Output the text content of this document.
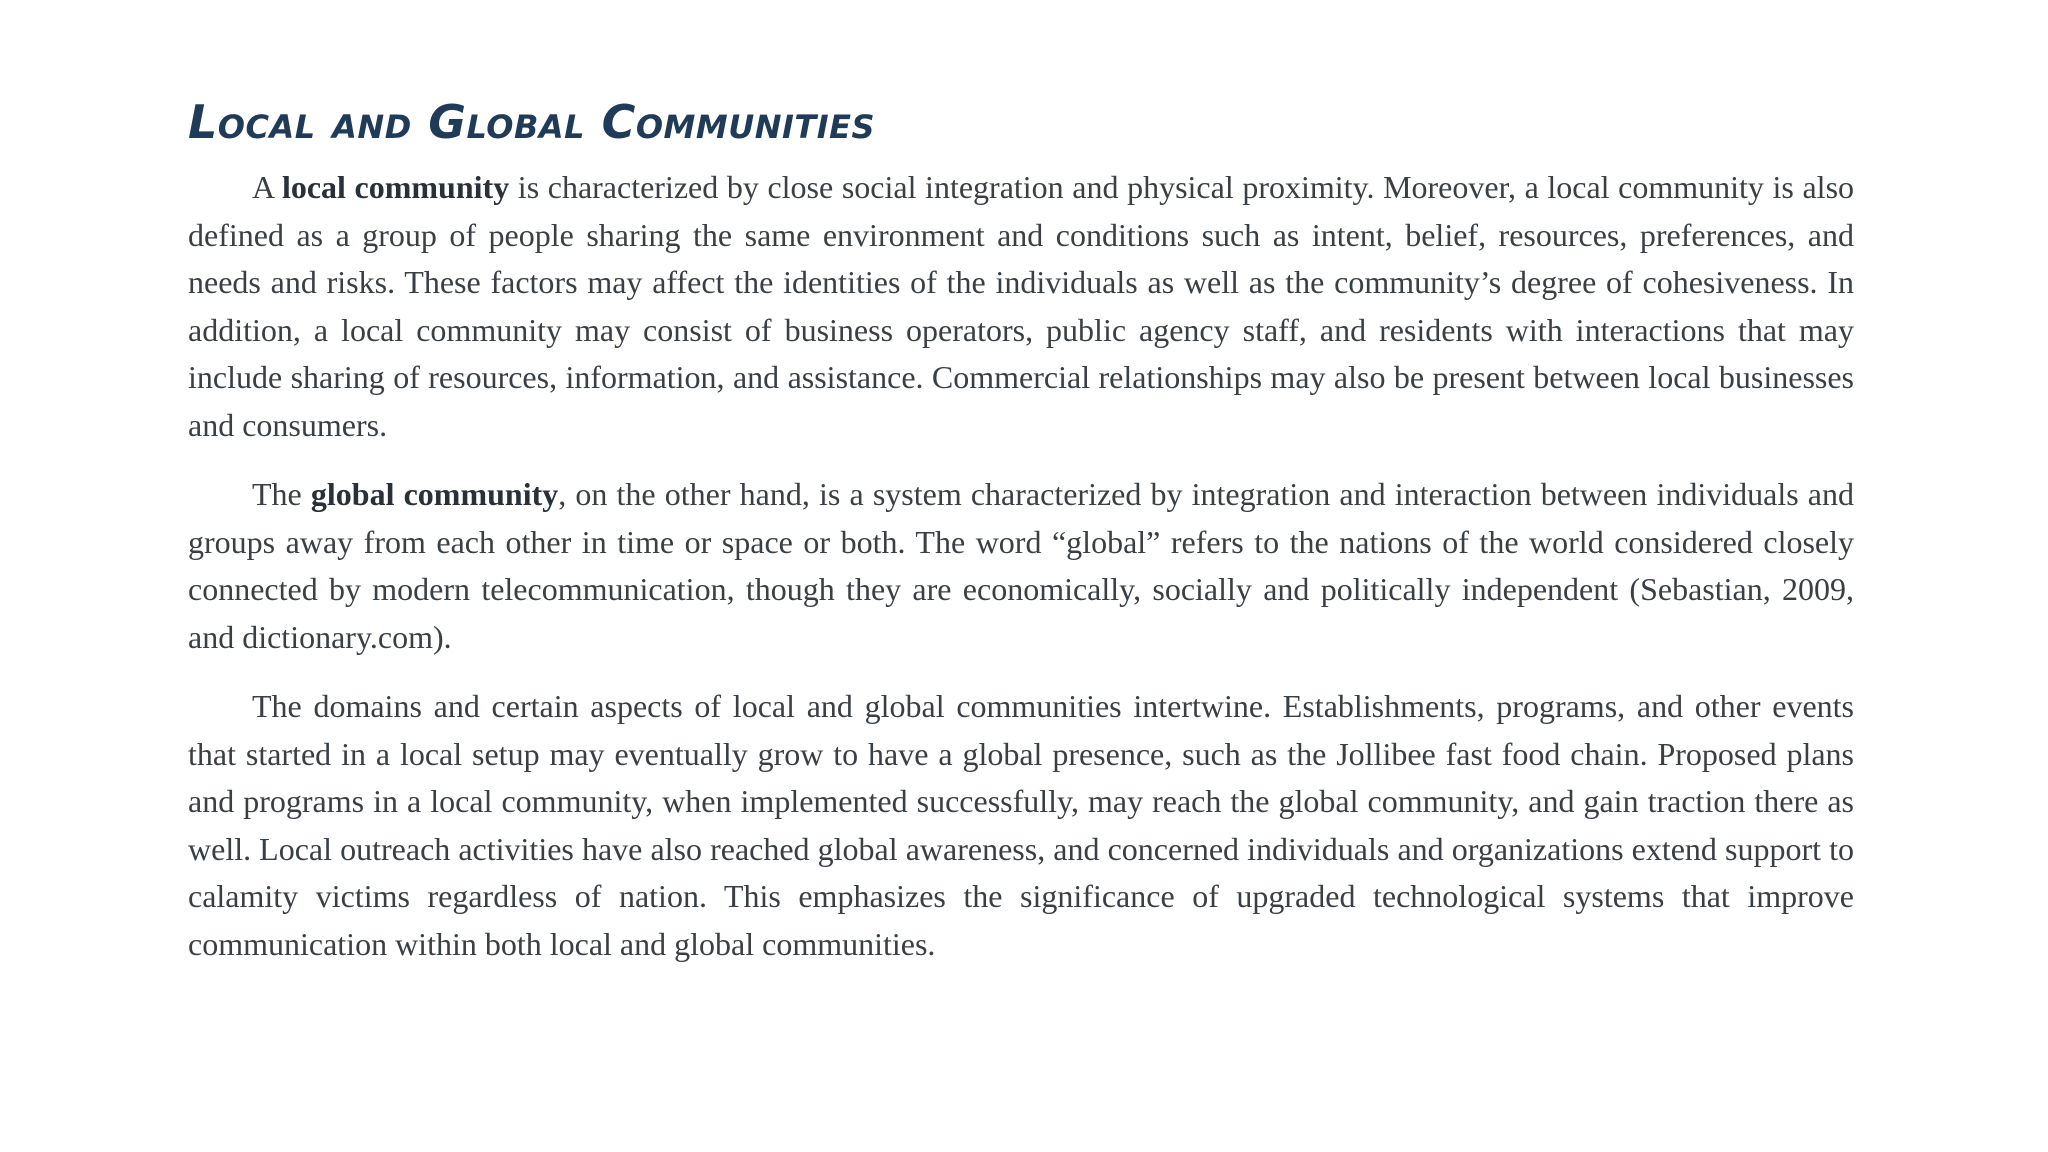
Local and Global Communities

A local community is characterized by close social integration and physical proximity. Moreover, a local community is also defined as a group of people sharing the same environment and conditions such as intent, belief, resources, preferences, and needs and risks. These factors may affect the identities of the individuals as well as the community’s degree of cohesiveness. In addition, a local community may consist of business operators, public agency staff, and residents with interactions that may include sharing of resources, information, and assistance. Commercial relationships may also be present between local businesses and consumers.

The global community, on the other hand, is a system characterized by integration and interaction between individuals and groups away from each other in time or space or both. The word “global” refers to the nations of the world considered closely connected by modern telecommunication, though they are economically, socially and politically independent (Sebastian, 2009, and dictionary.com).

The domains and certain aspects of local and global communities intertwine. Establishments, programs, and other events that started in a local setup may eventually grow to have a global presence, such as the Jollibee fast food chain. Proposed plans and programs in a local community, when implemented successfully, may reach the global community, and gain traction there as well. Local outreach activities have also reached global awareness, and concerned individuals and organizations extend support to calamity victims regardless of nation. This emphasizes the significance of upgraded technological systems that improve communication within both local and global communities.
